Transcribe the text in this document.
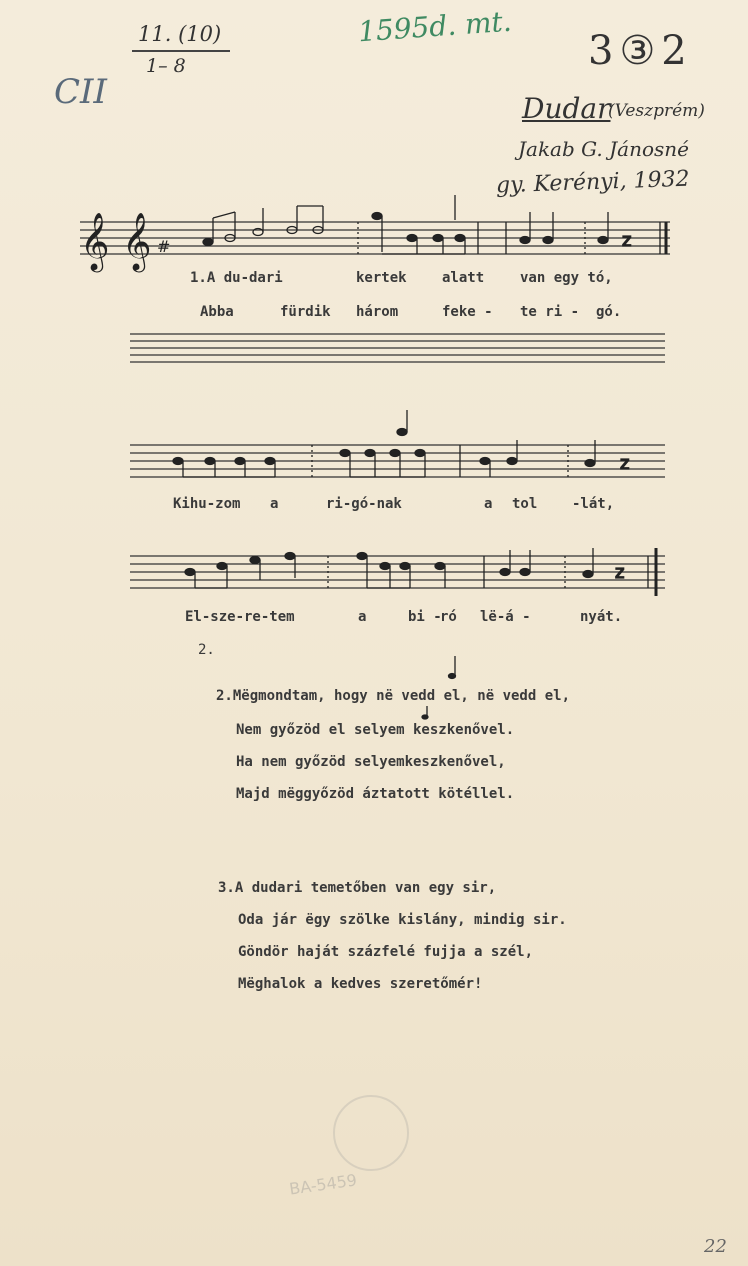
11. (10)
1– 8
1595d. mt.
3③2
CII	Dudar
(Veszprém)
Jakab G. Jánosné
gy. Kerényi, 1932
𝄞 𝄞 #	z
z
z
1.A du-dari	kertek	alatt	van egy tó,
Abba	fürdik három	feke - te ri - gó.
Kihu-zom a	ri-gó-nak	a tol -lát,
El-sze-re-tem	a	bi -
ró lë-á -	nyát.
2.
2.Mëgmondtam, hogy në vedd el, në vedd el,
Nem győzöd el selyem keszkenővel.
Ha nem győzöd selyemkeszkenővel,
Majd mëggyőzöd áztatott kötéllel.
3.A dudari temetőben van egy sir,
Oda jár ëgy szölke kislány, mindig sir.
Göndör haját százfelé fujja a szél,
Mëghalok a kedves szeretőmér!
BA-5459
22
